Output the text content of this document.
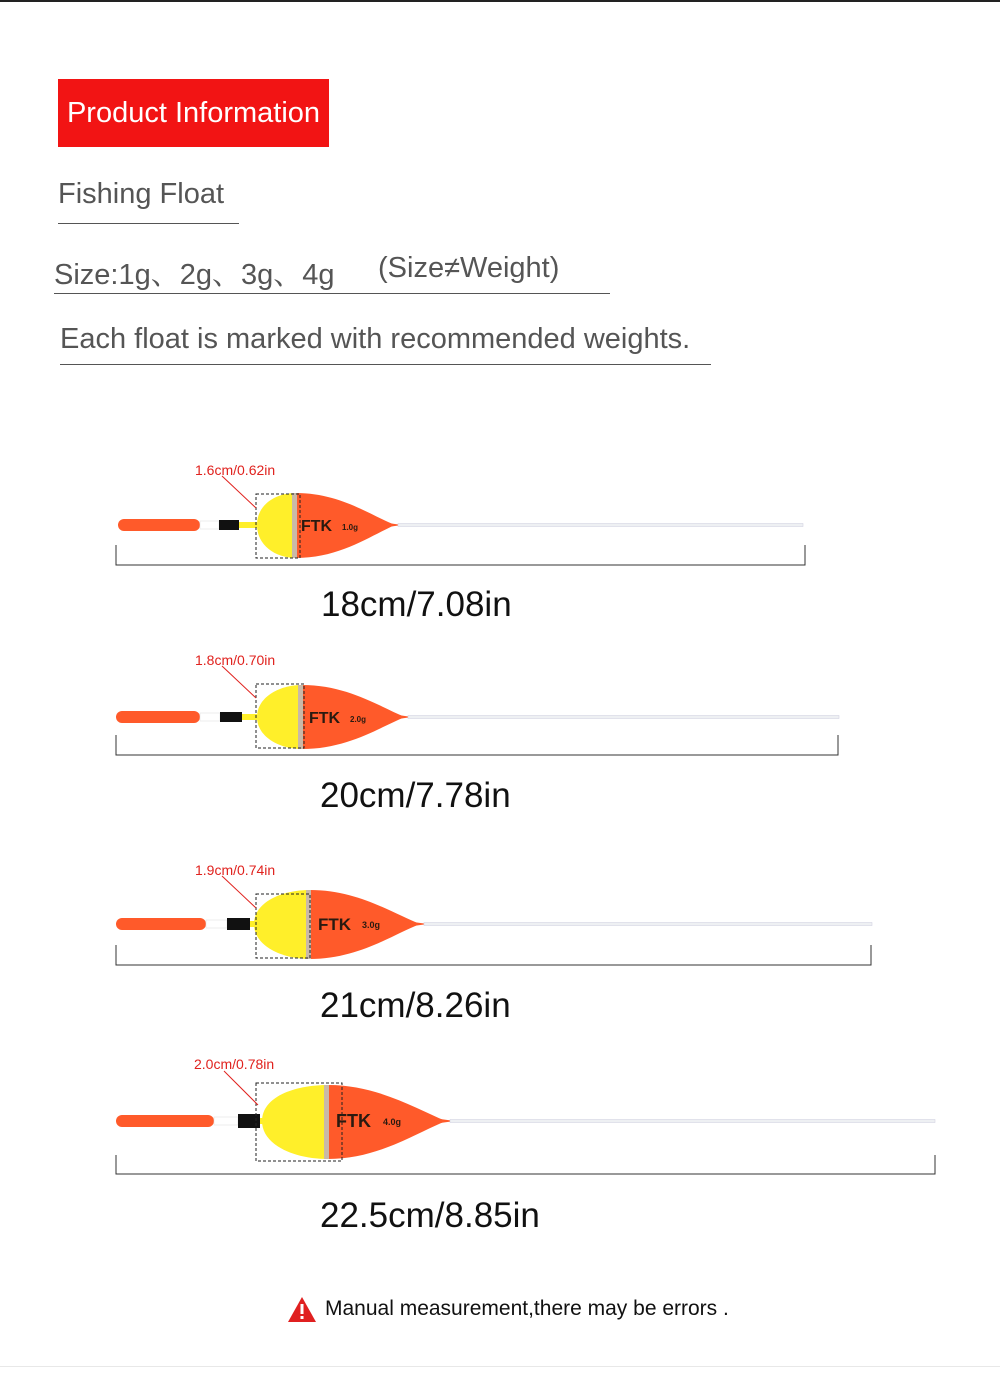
Product Information
Fishing Float
Size:1g、2g、3g、4g (Size≠Weight)
Each float is marked with recommended weights.
FTK 1.0g
1.6cm/0.62in
18cm/7.08in
FTK 2.0g
1.8cm/0.70in
20cm/7.78in
FTK 3.0g
1.9cm/0.74in
21cm/8.26in
FTK 4.0g
2.0cm/0.78in
22.5cm/8.85in
Manual measurement,there may be errors .
